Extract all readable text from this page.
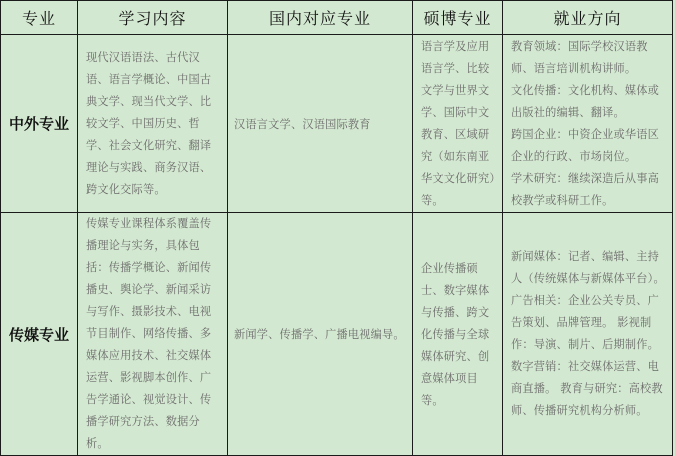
专业	学习内容	国内对应专业	硕博专业	就业方向
中外专业	现代汉语语法、古代汉语、语言学概论、中国古典文学、现当代文学、比较文学、中国历史、哲学、社会文化研究、翻译理论与实践、商务汉语、跨文化交际等。	汉语言文学、汉语国际教育	语言学及应用语言学、比较文学与世界文学、国际中文教育、区域研究（如东南亚华文文化研究）等。	教育领域：国际学校汉语教师、语言培训机构讲师。
文化传播：文化机构、媒体或出版社的编辑、翻译。
跨国企业：中资企业或华语区企业的行政、市场岗位。
学术研究：继续深造后从事高校教学或科研工作。

传媒专业	传媒专业课程体系覆盖传播理论与实务，具体包括：传播学概论、新闻传播史、舆论学、新闻采访与写作、摄影技术、电视节目制作、网络传播、多媒体应用技术、社交媒体运营、影视脚本创作、广告学通论、视觉设计、传播学研究方法、数据分析。	新闻学、传播学、广播电视编导。	企业传播硕士、数字媒体与传播、跨文化传播与全球媒体研究、创意媒体项目等。	新闻媒体：记者、编辑、主持人（传统媒体与新媒体平台）。
广告相关：企业公关专员、广告策划、品牌管理。 影视制作：导演、制片、后期制作。
数字营销：社交媒体运营、电商直播。 教育与研究：高校教师、传播研究机构分析师。
